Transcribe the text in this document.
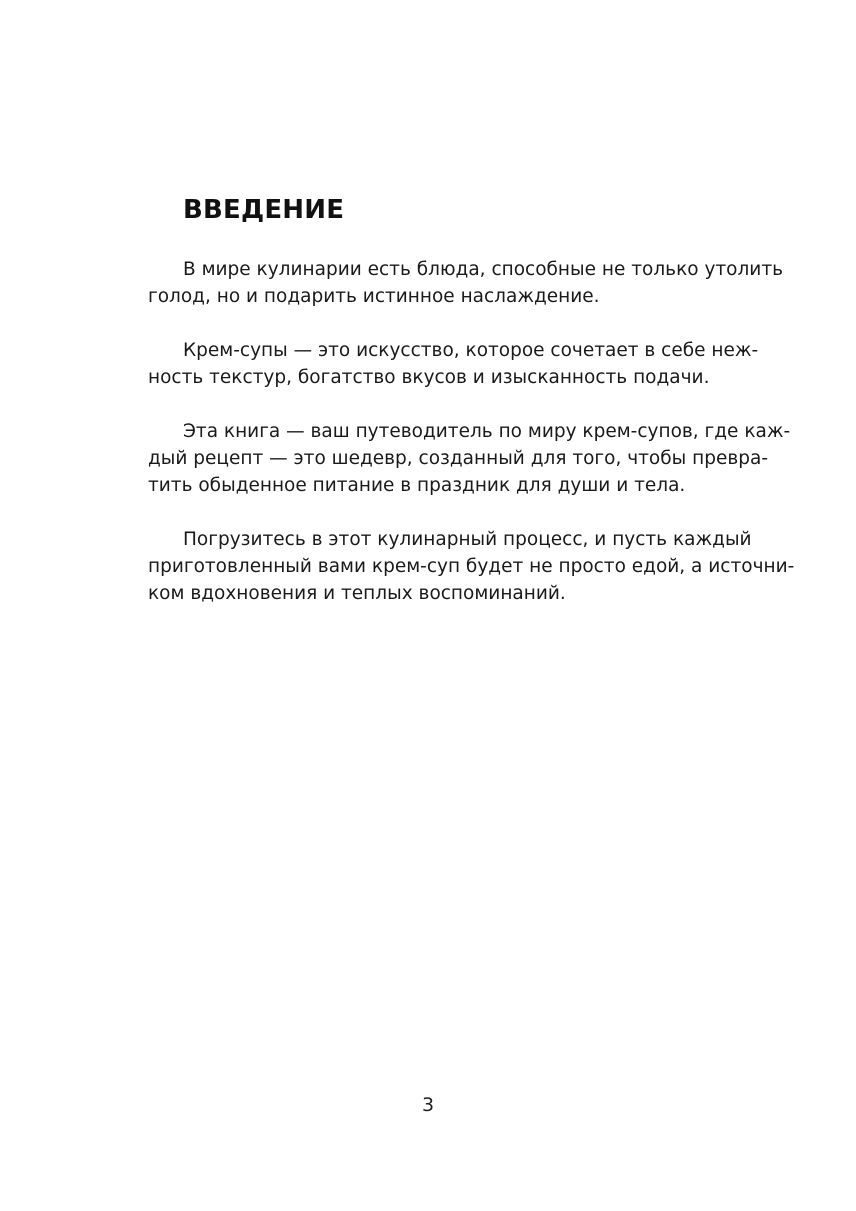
ВВЕДЕНИЕ

В мире кулинарии есть блюда, способные не только утолить
голод, но и подарить истинное наслаждение.

Крем-супы — это искусство, которое сочетает в себе неж-
ность текстур, богатство вкусов и изысканность подачи.

Эта книга — ваш путеводитель по миру крем-супов, где каж-
дый рецепт — это шедевр, созданный для того, чтобы превра-
тить обыденное питание в праздник для души и тела.

Погрузитесь в этот кулинарный процесс, и пусть каждый
приготовленный вами крем-суп будет не просто едой, а источни-
ком вдохновения и теплых воспоминаний.

3
